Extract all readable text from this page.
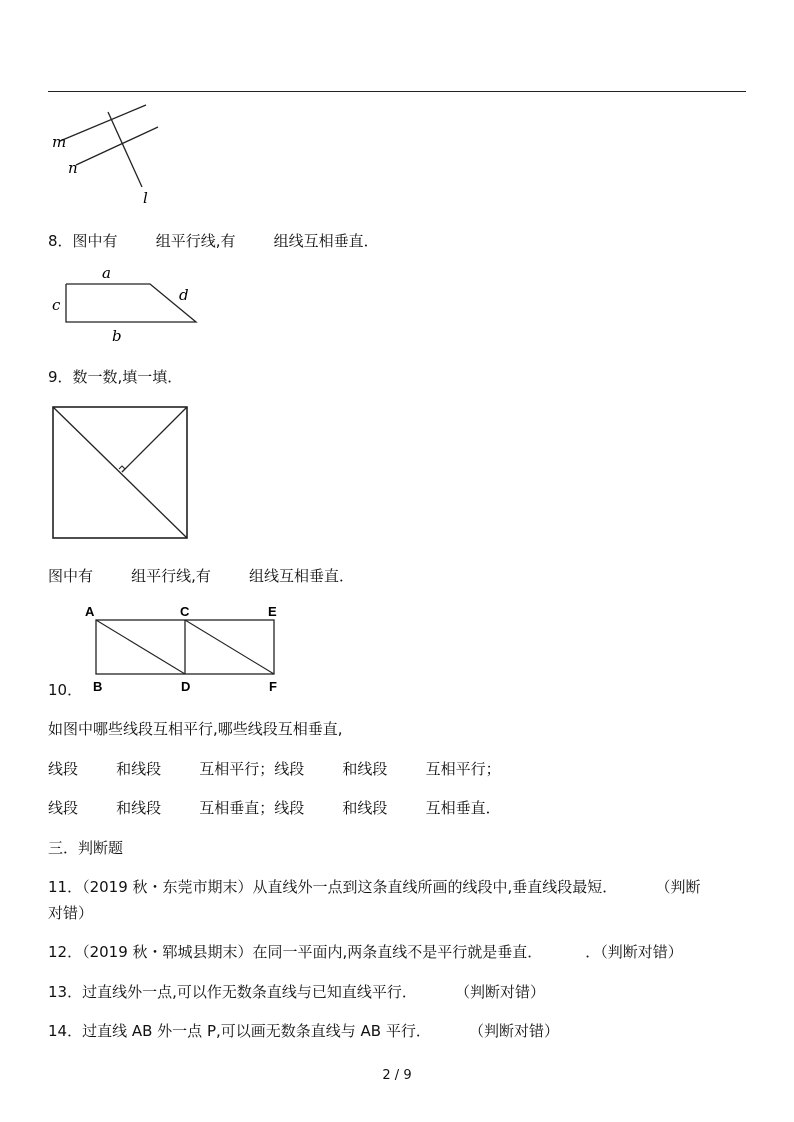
m
n
l
8．图中有        组平行线,有        组线互相垂直．
a
c
d
b
9．数一数,填一填．
图中有        组平行线,有        组线互相垂直．
A	C	E
B	D	F
10．
如图中哪些线段互相平行,哪些线段互相垂直,
线段        和线段        互相平行；线段        和线段        互相平行；
线段        和线段        互相垂直；线段        和线段        互相垂直．
三．判断题
11．（2019 秋・东莞市期末）从直线外一点到这条直线所画的线段中,垂直线段最短．        （判断
对错）
12．（2019 秋・郓城县期末）在同一平面内,两条直线不是平行就是垂直．         ．（判断对错）
13．过直线外一点,可以作无数条直线与已知直线平行．        （判断对错）
14．过直线 AB 外一点 P,可以画无数条直线与 AB 平行．        （判断对错）
2 / 9
